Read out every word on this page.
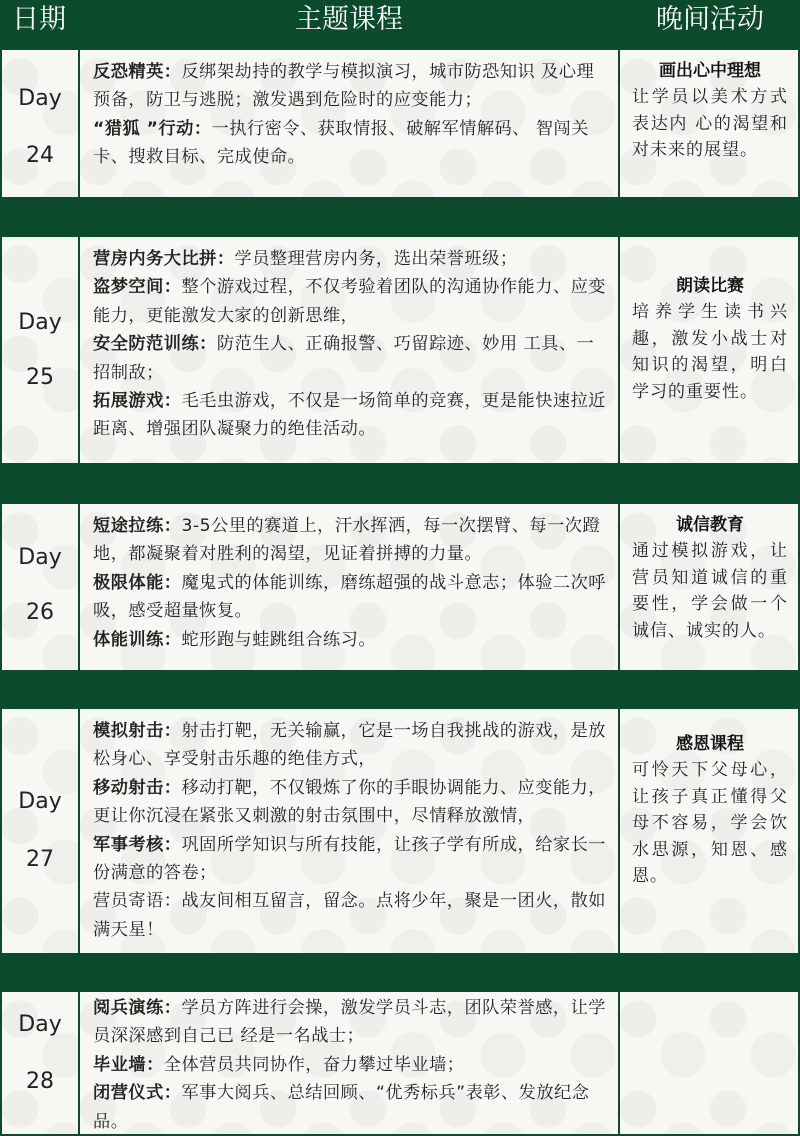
日期	主题课程	晚间活动
Day
24

反恐精英：反绑架劫持的教学与模拟演习，城市防恐知识 及心理预备，防卫与逃脱；激发遇到危险时的应变能力；

“猎狐 ”行动：一执行密令、获取情报、破解军情解码、 智闯关卡、搜救目标、完成使命。

画出心中理想
让学员以美术方式表达内 心的渴望和对未来的展望。
Day
25

营房内务大比拼：学员整理营房内务，选出荣誉班级；

盗梦空间：整个游戏过程，不仅考验着团队的沟通协作能力、应变能力，更能激发大家的创新思维，

安全防范训练：防范生人、正确报警、巧留踪迹、妙用 工具、一招制敌；

拓展游戏：毛毛虫游戏，不仅是一场简单的竞赛，更是能快速拉近距离、增强团队凝聚力的绝佳活动。

朗读比赛
培养学生读书兴趣，激发小战士对知识的渴望，明白学习的重要性。
Day
26

短途拉练：3-5公里的赛道上，汗水挥洒，每一次摆臂、每一次蹬地，都凝聚着对胜利的渴望，见证着拼搏的力量。

极限体能：魔鬼式的体能训练，磨练超强的战斗意志；体验二次呼吸，感受超量恢复。

体能训练：蛇形跑与蛙跳组合练习。

诚信教育
通过模拟游戏，让营员知道诚信的重要性，学会做一个诚信、诚实的人。
Day
27

模拟射击：射击打靶，无关输赢，它是一场自我挑战的游戏，是放松身心、享受射击乐趣的绝佳方式，

移动射击：移动打靶，不仅锻炼了你的手眼协调能力、应变能力，更让你沉浸在紧张又刺激的射击氛围中，尽情释放激情，

军事考核：巩固所学知识与所有技能，让孩子学有所成，给家长一份满意的答卷；

营员寄语：战友间相互留言，留念。点将少年，聚是一团火，散如满天星！

感恩课程
可怜天下父母心，让孩子真正懂得父母不容易，学会饮水思源，知恩、感恩。
Day
28

阅兵演练：学员方阵进行会操，激发学员斗志，团队荣誉感，让学员深深感到自己已 经是一名战士；

毕业墙：全体营员共同协作，奋力攀过毕业墙；

闭营仪式：军事大阅兵、总结回顾、“优秀标兵”表彰、发放纪念品。
